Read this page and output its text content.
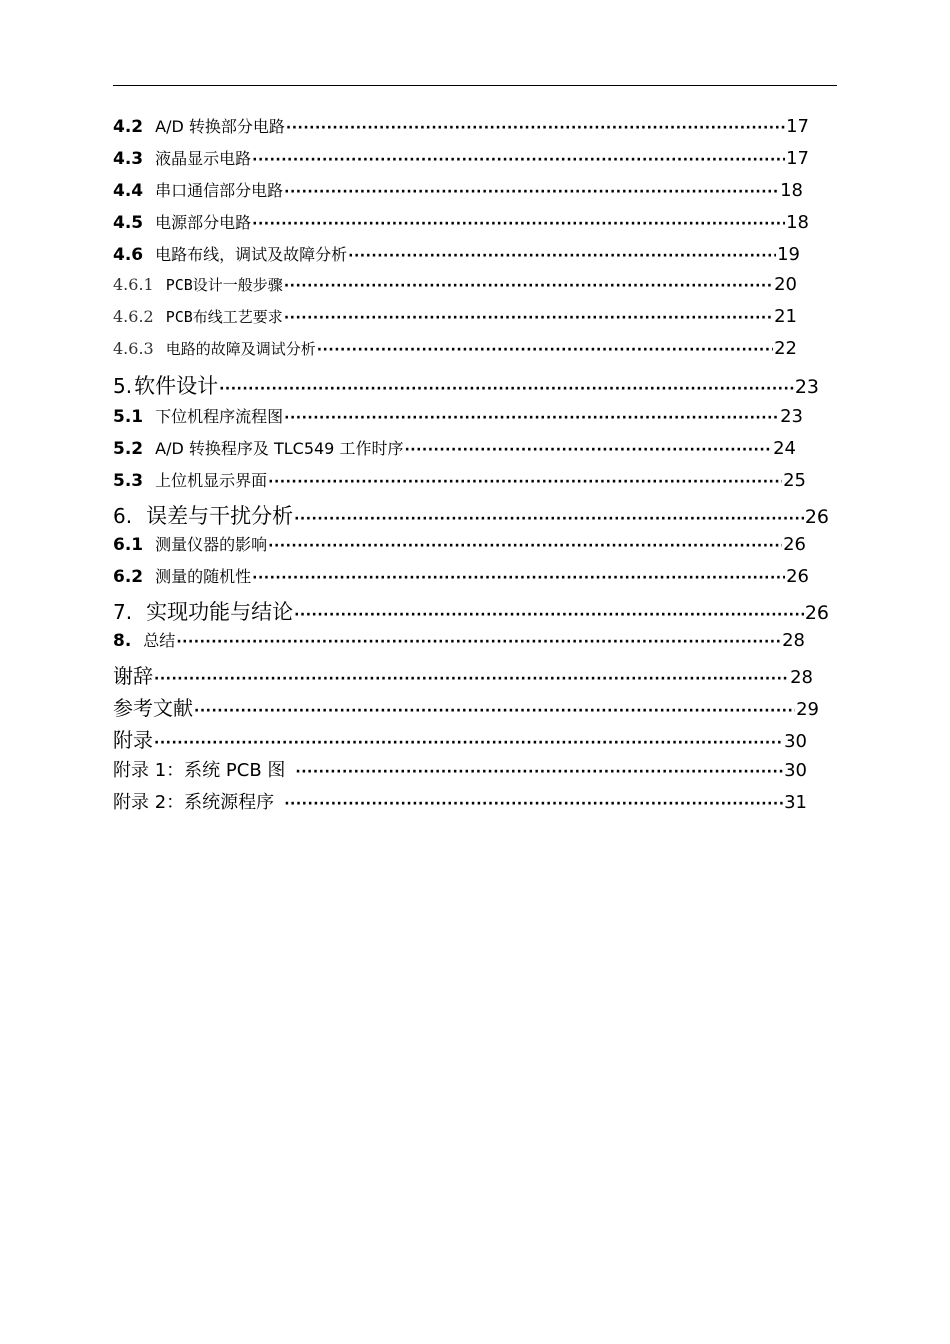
4.2 A/D 转换部分电路 ·····	17
4.3 液晶显示电路 ·····	17
4.4 串口通信部分电路 ·····	18
4.5 电源部分电路 ·····	18
4.6 电路布线，调试及故障分析 ·····	19
4.6.1 PCB设计一般步骤 ·····	20
4.6.2 PCB布线工艺要求 ·····	21
4.6.3 电路的故障及调试分析 ·····	22
5. 软件设计 ·····	23
5.1 下位机程序流程图 ·····	23
5.2 A/D 转换程序及 TLC549 工作时序 ·····	24
5.3 上位机显示界面 ·····	25
6. 误差与干扰分析 ·····	26
6.1 测量仪器的影响 ·····	26
6.2 测量的随机性 ·····	26
7. 实现功能与结论 ·····	26
8. 总结 ·····	28
谢辞 ·····	28
参考文献 ·····	29
附录 ·····	30
附录 1：系统 PCB 图 ·····	30
附录 2：系统源程序 ·····	31
